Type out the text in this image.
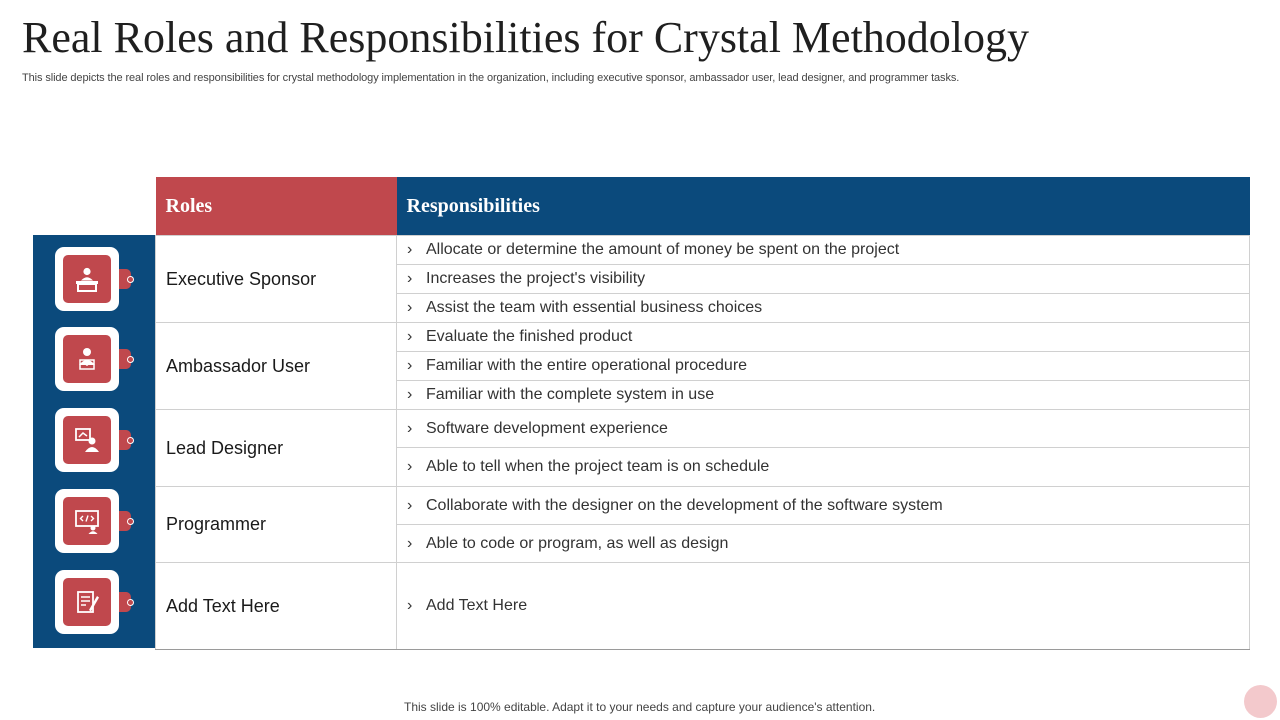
Real Roles and Responsibilities for Crystal Methodology

This slide depicts the real roles and responsibilities for crystal methodology implementation in the organization, including executive sponsor, ambassador user, lead designer, and programmer tasks.

Roles	Responsibilities
Executive Sponsor	› Allocate or determine the amount of money be spent on the project
	› Increases the project's visibility
	› Assist the team with essential business choices
Ambassador User	› Evaluate the finished product
	› Familiar with the entire operational procedure
	› Familiar with the complete system in use
Lead Designer	› Software development experience
	› Able to tell when the project team is on schedule
Programmer	› Collaborate with the designer on the development of the software system
	› Able to code or program, as well as design
Add Text Here	› Add Text Here

This slide is 100% editable. Adapt it to your needs and capture your audience's attention.
